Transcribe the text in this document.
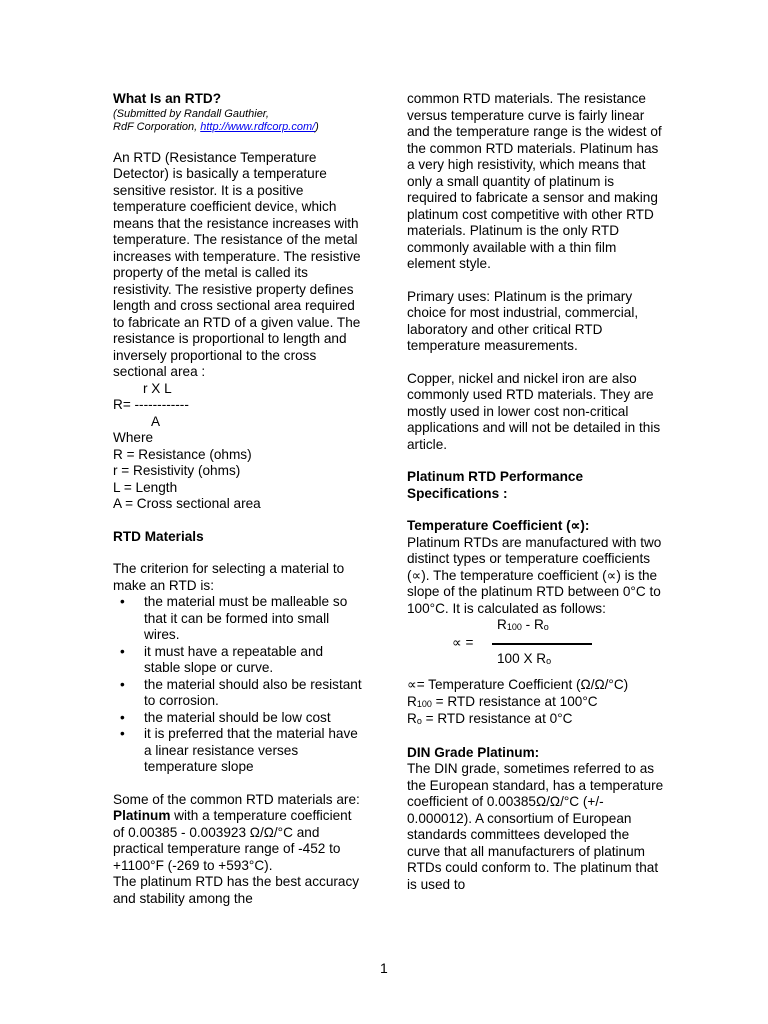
What Is an RTD?
(Submitted by Randall Gauthier,
RdF Corporation, http://www.rdfcorp.com/)

An RTD (Resistance Temperature Detector) is basically a temperature sensitive resistor. It is a positive temperature coefficient device, which means that the resistance increases with temperature. The resistance of the metal increases with temperature. The resistive property of the metal is called its resistivity. The resistive property defines length and cross sectional area required to fabricate an RTD of a given value. The resistance is proportional to length and inversely proportional to the cross sectional area :

r X L
R= ------------
A
Where
R = Resistance (ohms)
r = Resistivity (ohms)
L = Length
A = Cross sectional area
RTD Materials

The criterion for selecting a material to make an RTD is:

• the material must be malleable so that it can be formed into small wires.
• it must have a repeatable and stable slope or curve.
• the material should also be resistant to corrosion.
• the material should be low cost
• it is preferred that the material have a linear resistance verses temperature slope

Some of the common RTD materials are:

Platinum with a temperature coefficient of 0.00385 - 0.003923 Ω/Ω/°C and practical temperature range of -452 to +1100°F (-269 to +593°C).

The platinum RTD has the best accuracy and stability among the

common RTD materials. The resistance versus temperature curve is fairly linear and the temperature range is the widest of the common RTD materials. Platinum has a very high resistivity, which means that only a small quantity of platinum is required to fabricate a sensor and making platinum cost competitive with other RTD materials. Platinum is the only RTD commonly available with a thin film element style.

Primary uses: Platinum is the primary choice for most industrial, commercial, laboratory and other critical RTD temperature measurements.

Copper, nickel and nickel iron are also commonly used RTD materials. They are mostly used in lower cost non-critical applications and will not be detailed in this article.

Platinum RTD Performance Specifications :
Temperature Coefficient (∝):

Platinum RTDs are manufactured with two distinct types or temperature coefficients (∝). The temperature coefficient (∝) is the slope of the platinum RTD between 0°C to 100°C. It is calculated as follows:

$R_{100} - R_o$
∝ =
100 X $R_o$
∝= Temperature Coefficient (Ω/Ω/°C)
$R_{100}$ = RTD resistance at 100°C
$R_o$ = RTD resistance at 0°C
DIN Grade Platinum:

The DIN grade, sometimes referred to as the European standard, has a temperature coefficient of 0.00385Ω/Ω/°C (+/- 0.000012). A consortium of European standards committees developed the curve that all manufacturers of platinum RTDs could conform to. The platinum that is used to

1
